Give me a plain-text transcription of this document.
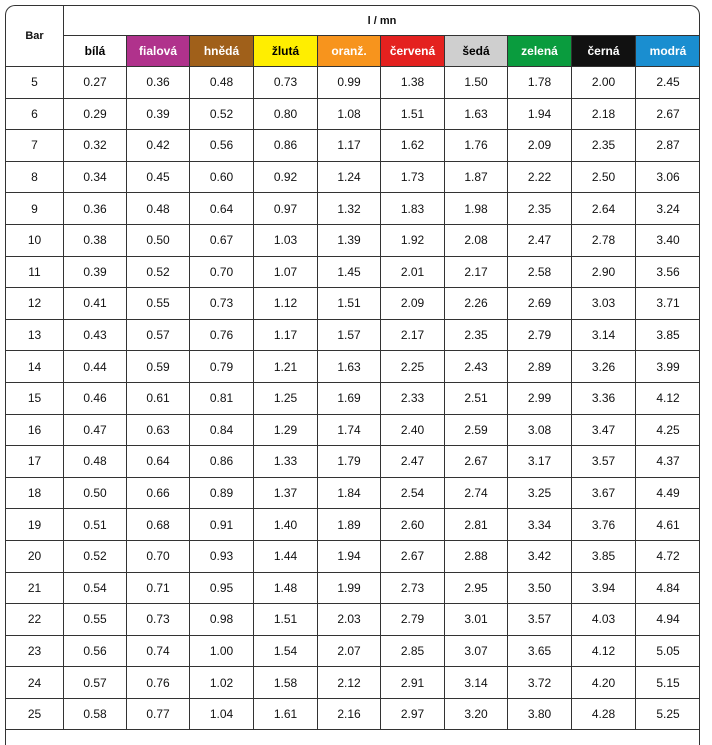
Bar	l / mn									
	bílá	fialová	hnědá	žlutá	oranž.	červená	šedá	zelená	černá	modrá
5	0.27	0.36	0.48	0.73	0.99	1.38	1.50	1.78	2.00	2.45
6	0.29	0.39	0.52	0.80	1.08	1.51	1.63	1.94	2.18	2.67
7	0.32	0.42	0.56	0.86	1.17	1.62	1.76	2.09	2.35	2.87
8	0.34	0.45	0.60	0.92	1.24	1.73	1.87	2.22	2.50	3.06
9	0.36	0.48	0.64	0.97	1.32	1.83	1.98	2.35	2.64	3.24
10	0.38	0.50	0.67	1.03	1.39	1.92	2.08	2.47	2.78	3.40
11	0.39	0.52	0.70	1.07	1.45	2.01	2.17	2.58	2.90	3.56
12	0.41	0.55	0.73	1.12	1.51	2.09	2.26	2.69	3.03	3.71
13	0.43	0.57	0.76	1.17	1.57	2.17	2.35	2.79	3.14	3.85
14	0.44	0.59	0.79	1.21	1.63	2.25	2.43	2.89	3.26	3.99
15	0.46	0.61	0.81	1.25	1.69	2.33	2.51	2.99	3.36	4.12
16	0.47	0.63	0.84	1.29	1.74	2.40	2.59	3.08	3.47	4.25
17	0.48	0.64	0.86	1.33	1.79	2.47	2.67	3.17	3.57	4.37
18	0.50	0.66	0.89	1.37	1.84	2.54	2.74	3.25	3.67	4.49
19	0.51	0.68	0.91	1.40	1.89	2.60	2.81	3.34	3.76	4.61
20	0.52	0.70	0.93	1.44	1.94	2.67	2.88	3.42	3.85	4.72
21	0.54	0.71	0.95	1.48	1.99	2.73	2.95	3.50	3.94	4.84
22	0.55	0.73	0.98	1.51	2.03	2.79	3.01	3.57	4.03	4.94
23	0.56	0.74	1.00	1.54	2.07	2.85	3.07	3.65	4.12	5.05
24	0.57	0.76	1.02	1.58	2.12	2.91	3.14	3.72	4.20	5.15
25	0.58	0.77	1.04	1.61	2.16	2.97	3.20	3.80	4.28	5.25
